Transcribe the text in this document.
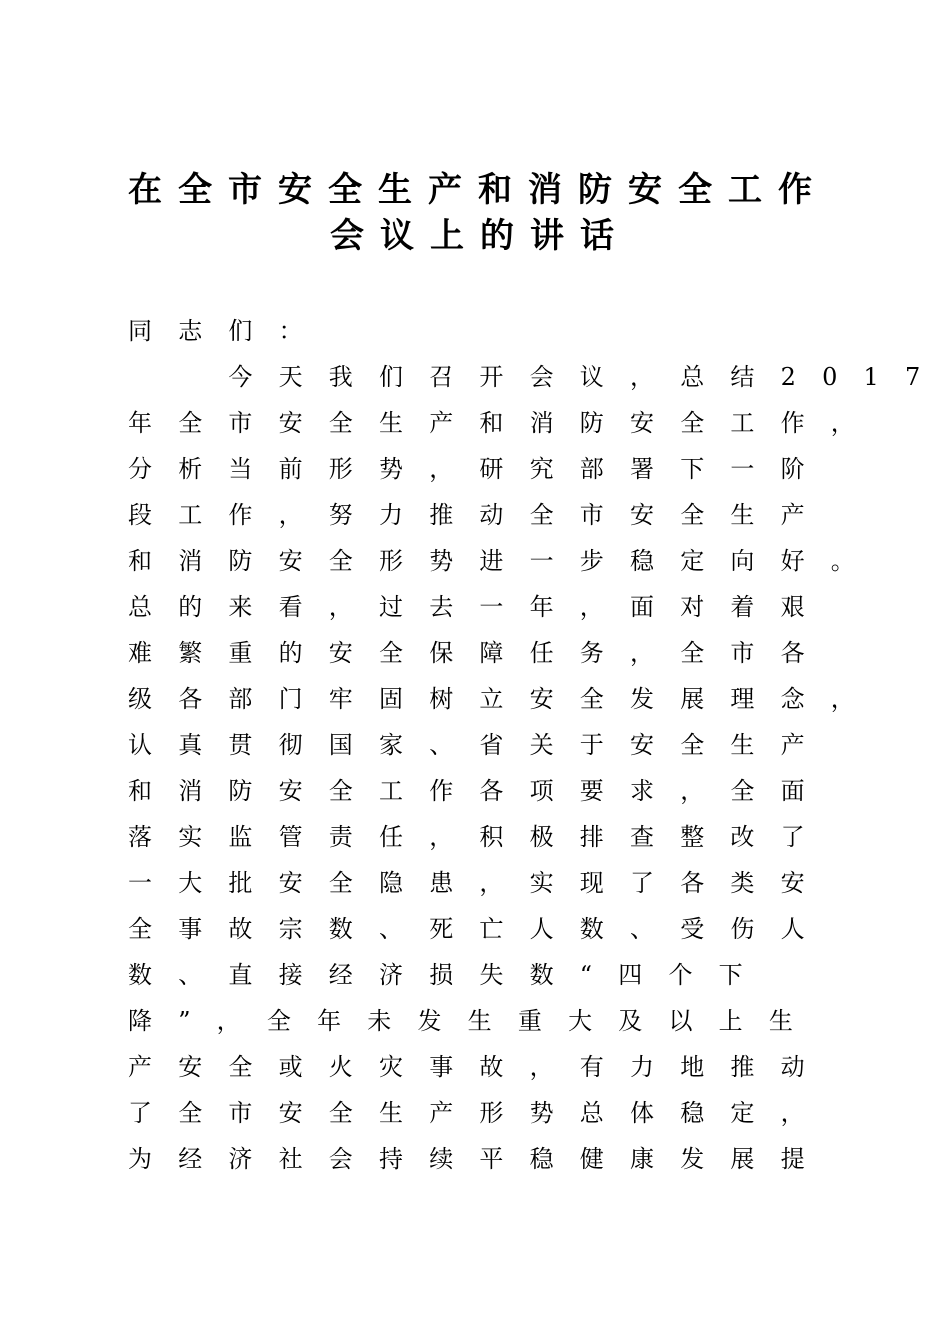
在全市安全生产和消防安全工作
会议上的讲话
同志们：
　　今天我们召开会议，总结2017
年全市安全生产和消防安全工作，
分析当前形势，研究部署下一阶
段工作，努力推动全市安全生产
和消防安全形势进一步稳定向好。
总的来看，过去一年，面对着艰
难繁重的安全保障任务，全市各
级各部门牢固树立安全发展理念，
认真贯彻国家、省关于安全生产
和消防安全工作各项要求，全面
落实监管责任，积极排查整改了
一大批安全隐患，实现了各类安
全事故宗数、死亡人数、受伤人
数、直接经济损失数“四个下
降”，全年未发生重大及以上生
产安全或火灾事故，有力地推动
了全市安全生产形势总体稳定，
为经济社会持续平稳健康发展提
